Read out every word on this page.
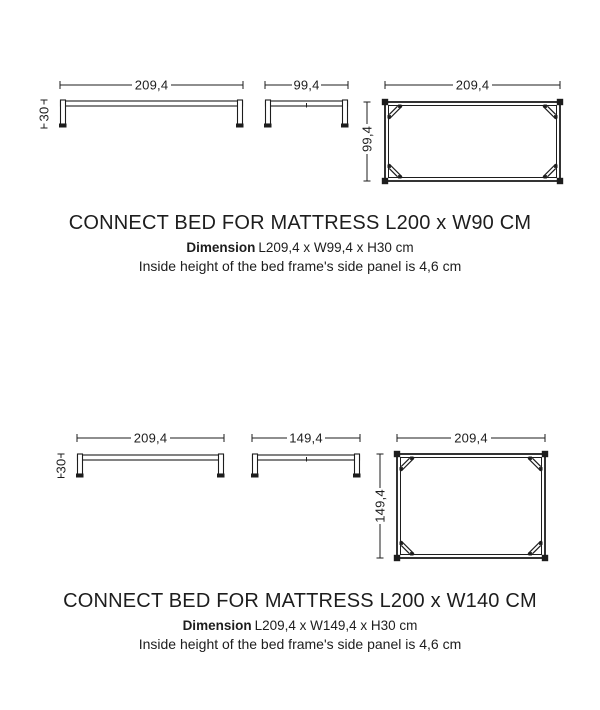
209,4
30
99,4	209,4
99,4
CONNECT BED FOR MATTRESS L200 x W90 CM
Dimension L209,4 x W99,4 x H30 cm
Inside height of the bed frame's side panel is 4,6 cm
209,4
30
149,4	209,4
149,4
CONNECT BED FOR MATTRESS L200 x W140 CM
Dimension L209,4 x W149,4 x H30 cm
Inside height of the bed frame's side panel is 4,6 cm
